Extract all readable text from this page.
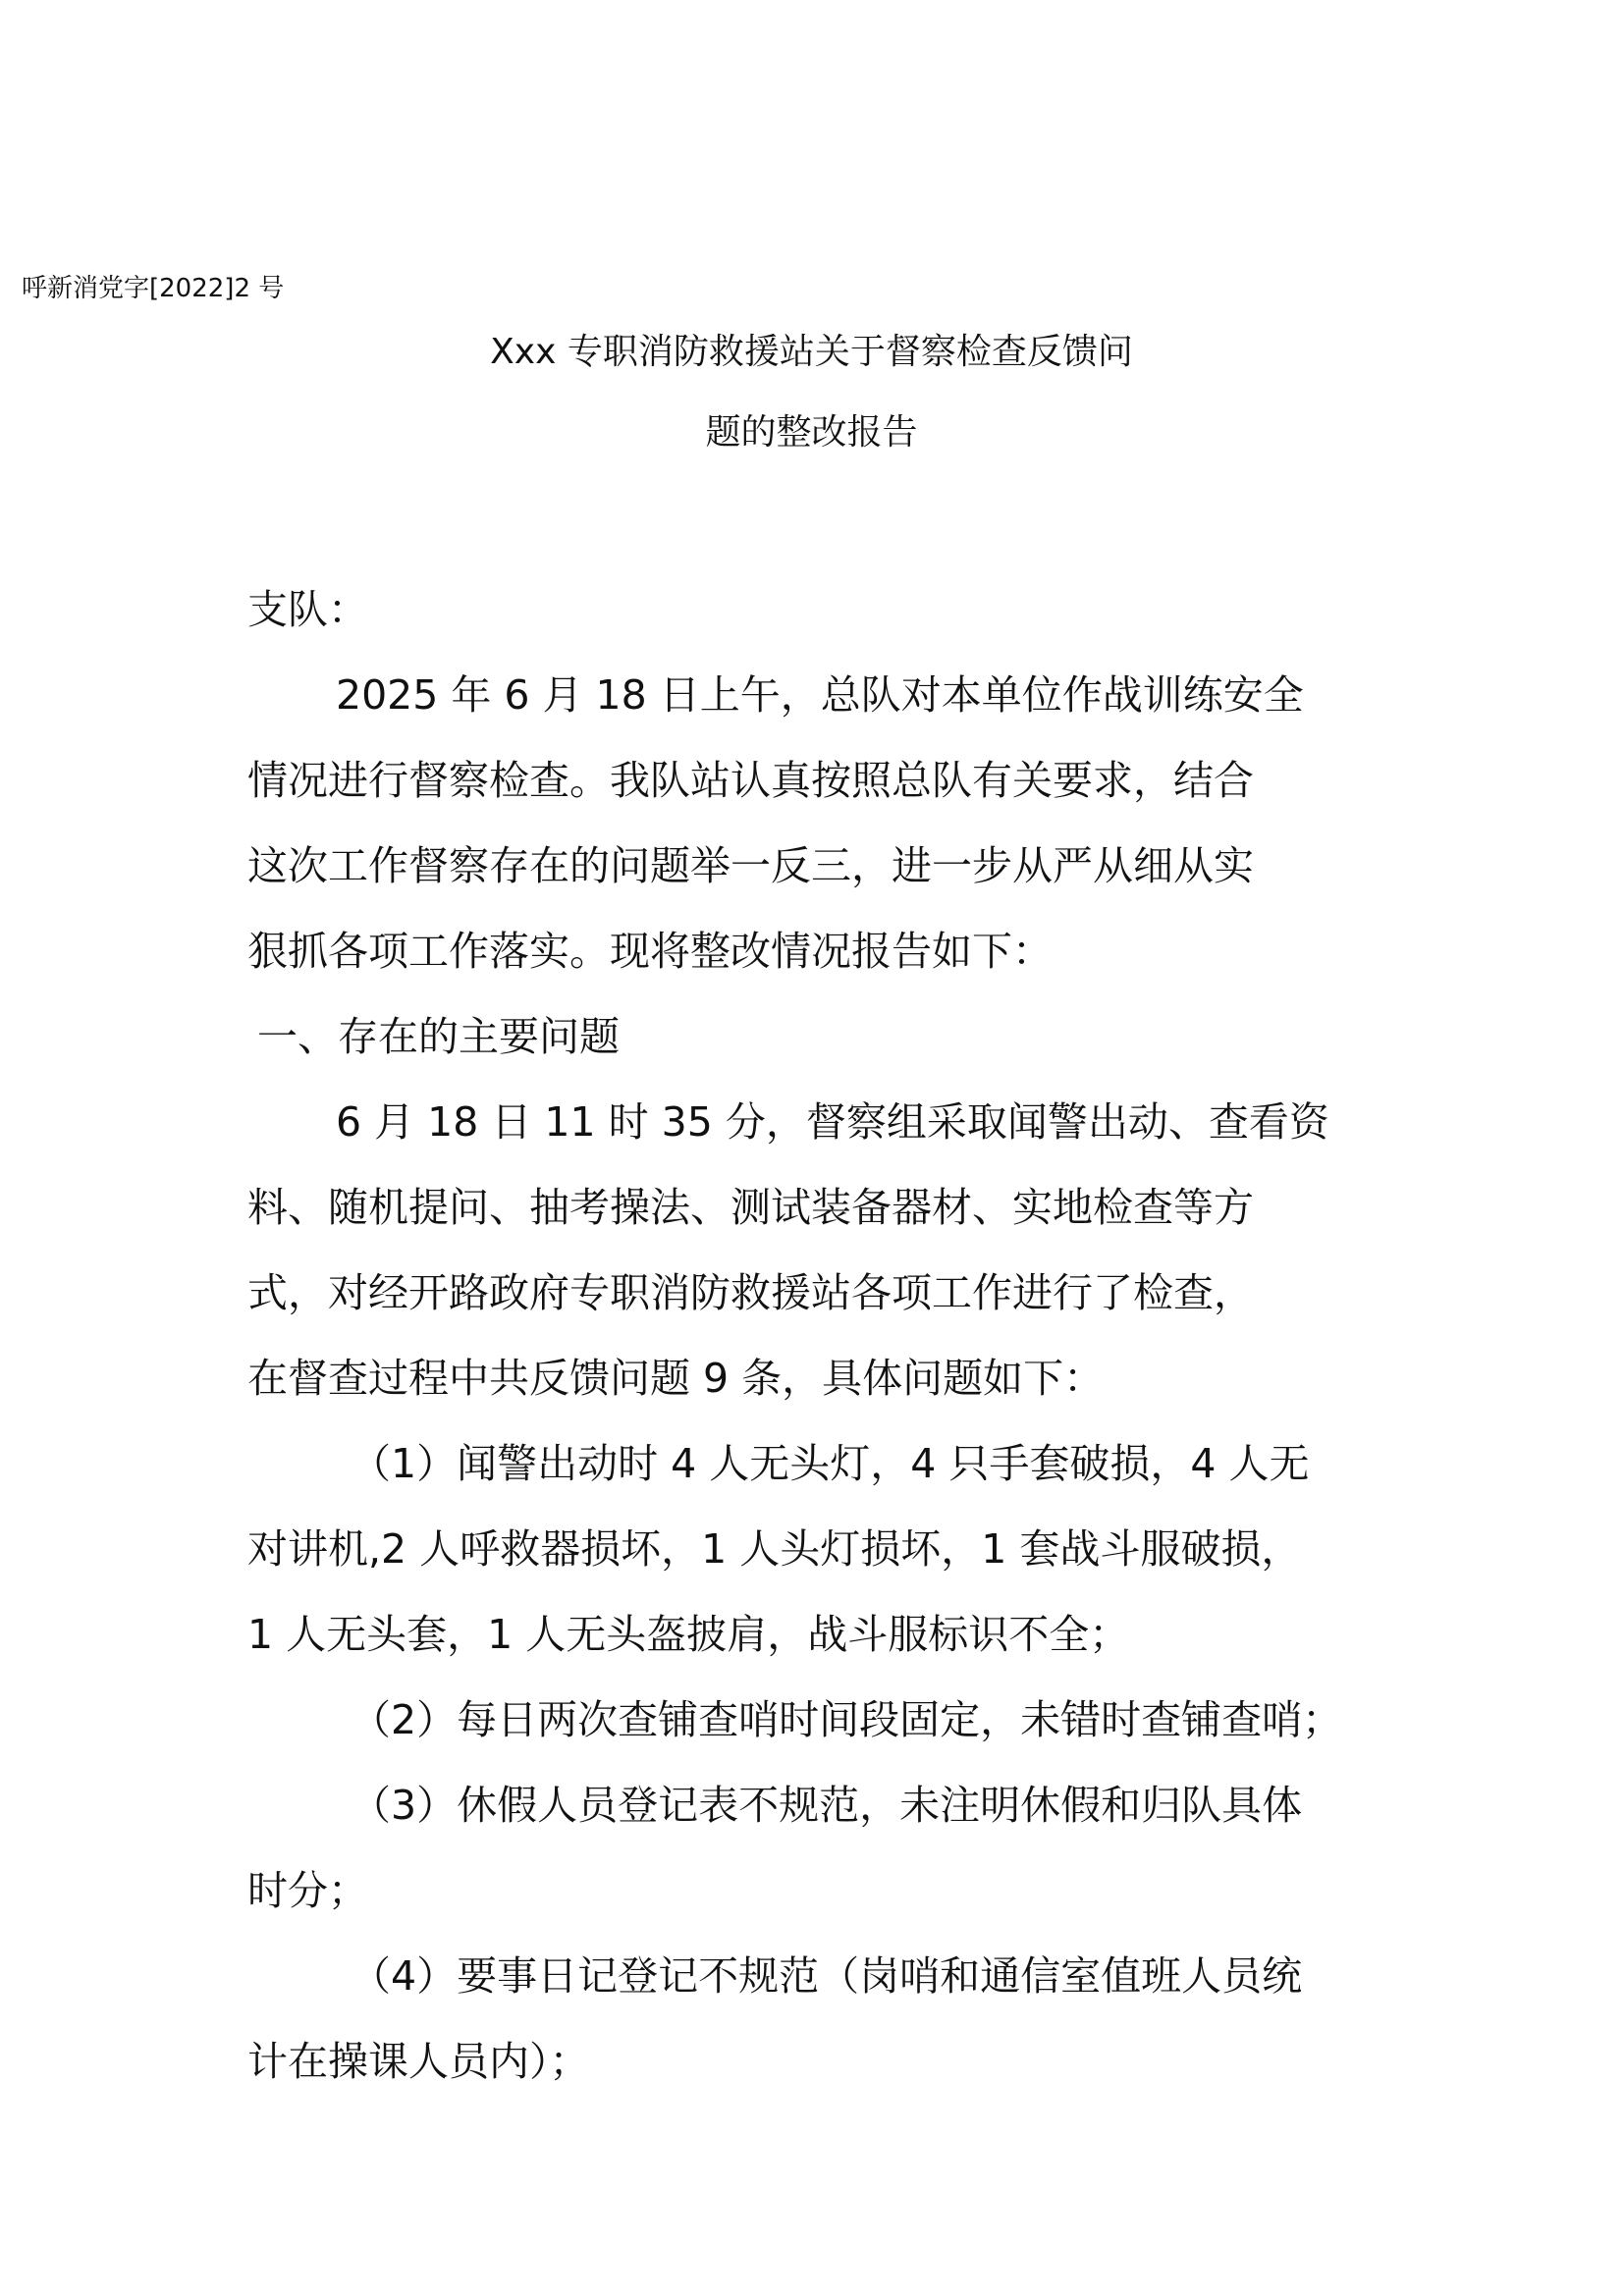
呼新消党字[2022]2 号
Xxx 专职消防救援站关于督察检查反馈问
题的整改报告
支队：
2025 年 6 月 18 日上午，总队对本单位作战训练安全
情况进行督察检查。我队站认真按照总队有关要求，结合
这次工作督察存在的问题举一反三，进一步从严从细从实
狠抓各项工作落实。现将整改情况报告如下：
一、存在的主要问题
6 月 18 日 11 时 35 分，督察组采取闻警出动、查看资
料、随机提问、抽考操法、测试装备器材、实地检查等方
式，对经开路政府专职消防救援站各项工作进行了检查，
在督查过程中共反馈问题 9 条，具体问题如下：
（1）闻警出动时 4 人无头灯，4 只手套破损，4 人无
对讲机,2 人呼救器损坏，1 人头灯损坏，1 套战斗服破损，
1 人无头套，1 人无头盔披肩，战斗服标识不全；
（2）每日两次查铺查哨时间段固定，未错时查铺查哨；
（3）休假人员登记表不规范，未注明休假和归队具体
时分；
（4）要事日记登记不规范（岗哨和通信室值班人员统
计在操课人员内）；
